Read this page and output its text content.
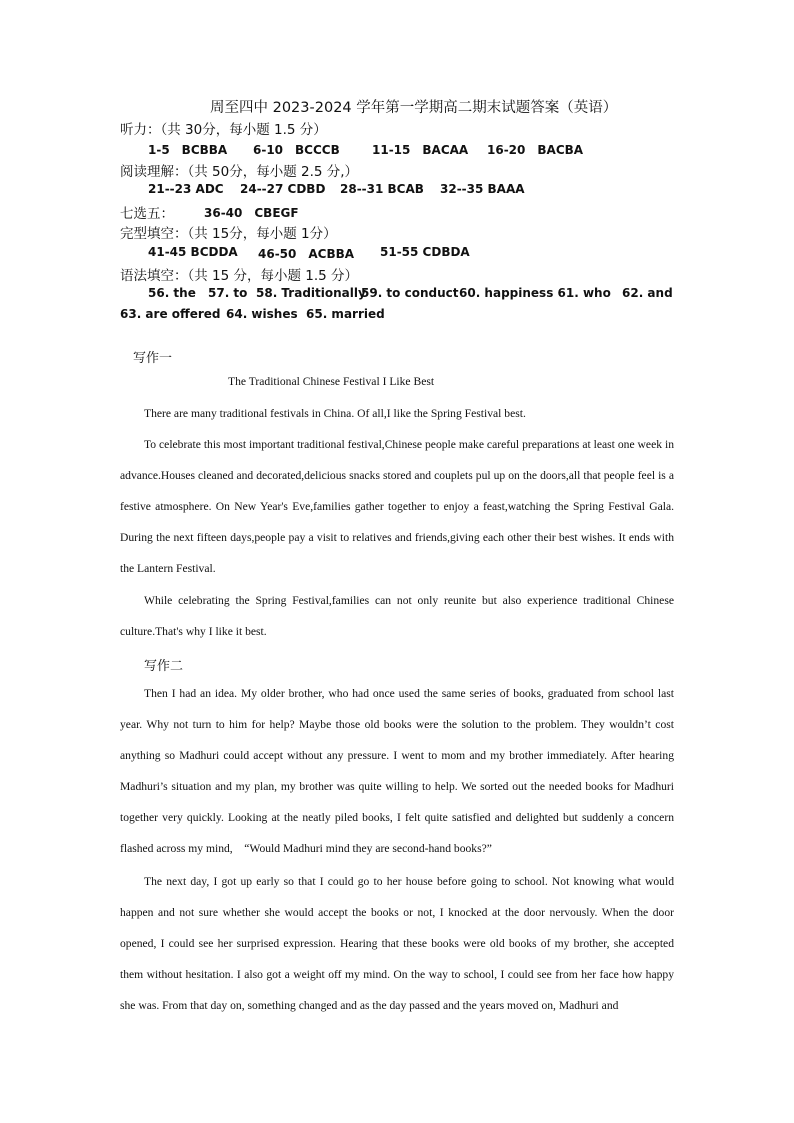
周至四中 2023-2024 学年第一学期高二期末试题答案（英语）
听力：（共 30分，每小题 1.5 分）
1-5　BCBBA 6-10　BCCCB	11-15　BACAA 16-20　BACBA
阅读理解：（共 50分，每小题 2.5 分,）
21--23 ADC 24--27 CDBD 28--31 BCAB 32--35 BAAA
七选五：	36-40　CBEGF
完型填空：（共 15分，每小题 1分）
41-45 BCDDA 46-50　ACBBA 51-55 CDBDA
语法填空：（共 15 分，每小题 1.5 分）
56. the 57. to 58. Traditionally
59. to conduct 60. happiness 61. who 62. and
63. are offered 64. wishes 65. married
写作一
The Traditional Chinese Festival I Like Best
There are many traditional festivals in China. Of all,I like the Spring Festival best.
To celebrate this most important traditional festival,Chinese people make careful preparations at least one week in advance.Houses cleaned and decorated,delicious snacks stored and couplets pul up on the doors,all that people feel is a festive atmosphere. On New Year's Eve,families gather together to enjoy a feast,watching the Spring Festival Gala. During the next fifteen days,people pay a visit to relatives and friends,giving each other their best wishes. It ends with the Lantern Festival.
While celebrating the Spring Festival,families can not only reunite but also experience traditional Chinese culture.That's why I like it best.
写作二
Then I had an idea. My older brother, who had once used the same series of books, graduated from school last year. Why not turn to him for help? Maybe those old books were the solution to the problem. They wouldn’t cost anything so Madhuri could accept without any pressure. I went to mom and my brother immediately. After hearing Madhuri’s situation and my plan, my brother was quite willing to help. We sorted out the needed books for Madhuri together very quickly. Looking at the neatly piled books, I felt quite satisfied and delighted but suddenly a concern flashed across my mind,　“Would Madhuri mind they are second-hand books?”
The next day, I got up early so that I could go to her house before going to school. Not knowing what would happen and not sure whether she would accept the books or not, I knocked at the door nervously. When the door opened, I could see her surprised expression. Hearing that these books were old books of my brother, she accepted them without hesitation. I also got a weight off my mind. On the way to school, I could see from her face how happy she was. From that day on, something changed and as the day passed and the years moved on, Madhuri and
